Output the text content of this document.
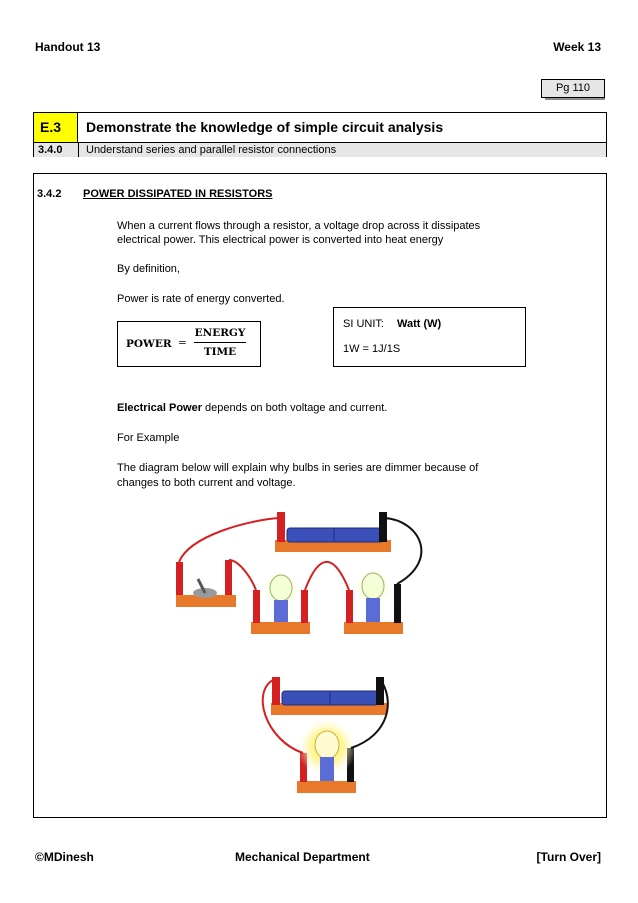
Handout 13	Week 13
Pg 110
E.3	Demonstrate the knowledge of simple circuit analysis
3.4.0 Understand series and parallel resistor connections
3.4.2 POWER DISSIPATED IN RESISTORS
When a current flows through a resistor, a voltage drop across it dissipates
electrical power. This electrical power is converted into heat energy
By definition,
Power is rate of energy converted.
POWER =
ENERGY
TIME
SI UNIT: Watt (W)
1W = 1J/1S
Electrical Power depends on both voltage and current.
For Example
The diagram below will explain why bulbs in series are dimmer because of
changes to both current and voltage.
©MDinesh	Mechanical Department	[Turn Over]
